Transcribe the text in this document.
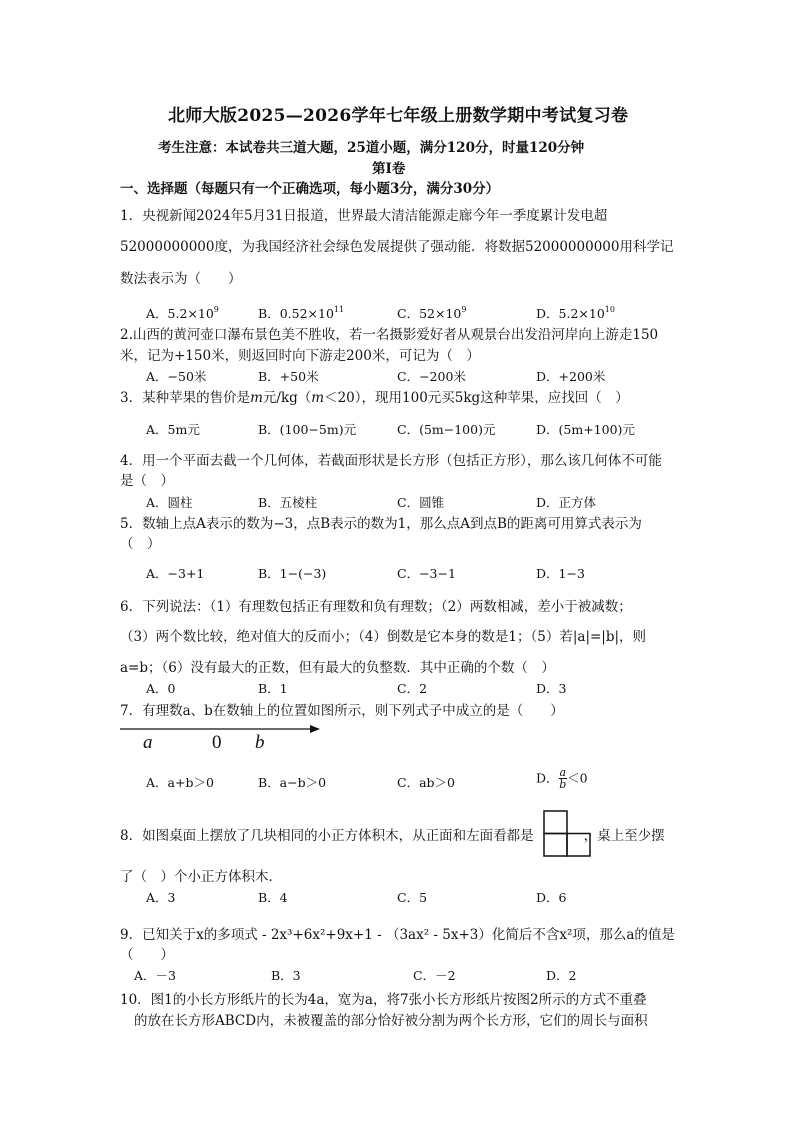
北师大版2025—2026学年七年级上册数学期中考试复习卷
考生注意：本试卷共三道大题，25道小题，满分120分，时量120分钟
第Ⅰ卷
一、选择题（每题只有一个正确选项，每小题3分，满分30分）
1．央视新闻2024年5月31日报道，世界最大清洁能源走廊今年一季度累计发电超
52000000000度，为我国经济社会绿色发展提供了强动能．将数据52000000000用科学记
数法表示为（　　）
A．$5.2\times 10^9$	B．$0.52\times 10^{11}$	C．$52\times 10^9$	D．$5.2\times 10^{10}$
2.山西的黄河壶口瀑布景色美不胜收，若一名摄影爱好者从观景台出发沿河岸向上游走150
米，记为+150米，则返回时向下游走200米，可记为（　）
A．−50米	B．+50米	C．−200米	D．+200米
3．某种苹果的售价是m元/kg（m＜20），现用100元买5kg这种苹果，应找回（　）
A．5m元	B．(100−5m)元	C．(5m−100)元	D．(5m+100)元
4．用一个平面去截一个几何体，若截面形状是长方形（包括正方形），那么该几何体不可能
是（　）
A．圆柱	B．五棱柱	C．圆锥	D．正方体
5．数轴上点A表示的数为−3，点B表示的数为1，那么点A到点B的距离可用算式表示为
（　）
A．−3+1	B．1−(−3)	C．−3−1	D．1−3
6．下列说法：（1）有理数包括正有理数和负有理数；（2）两数相减，差小于被减数；
（3）两个数比较，绝对值大的反而小；（4）倒数是它本身的数是1；（5）若|a|=|b|，则
a=b；（6）没有最大的正数，但有最大的负整数．其中正确的个数（　）
A．0	B．1	C．2	D．3
7．有理数a、b在数轴上的位置如图所示，则下列式子中成立的是（　　）
a	0 b
A．a+b＞0	B．a−b＞0	C．ab＞0	D． $\frac{a}{b} <0$
8．如图桌面上摆放了几块相同的小正方体积木，从正面和左面看都是	，桌上至少摆
了（　）个小正方体积木．
A．3	B．4	C．5	D．6
9．已知关于x的多项式 - 2x³+6x²+9x+1 - （3ax² - 5x+3）化简后不含x²项，那么a的值是
（　　）
A．－3	B．3	C．－2	D．2
10．图1的小长方形纸片的长为4a，宽为a，将7张小长方形纸片按图2所示的方式不重叠
的放在长方形ABCD内，未被覆盖的部分恰好被分割为两个长方形，它们的周长与面积
